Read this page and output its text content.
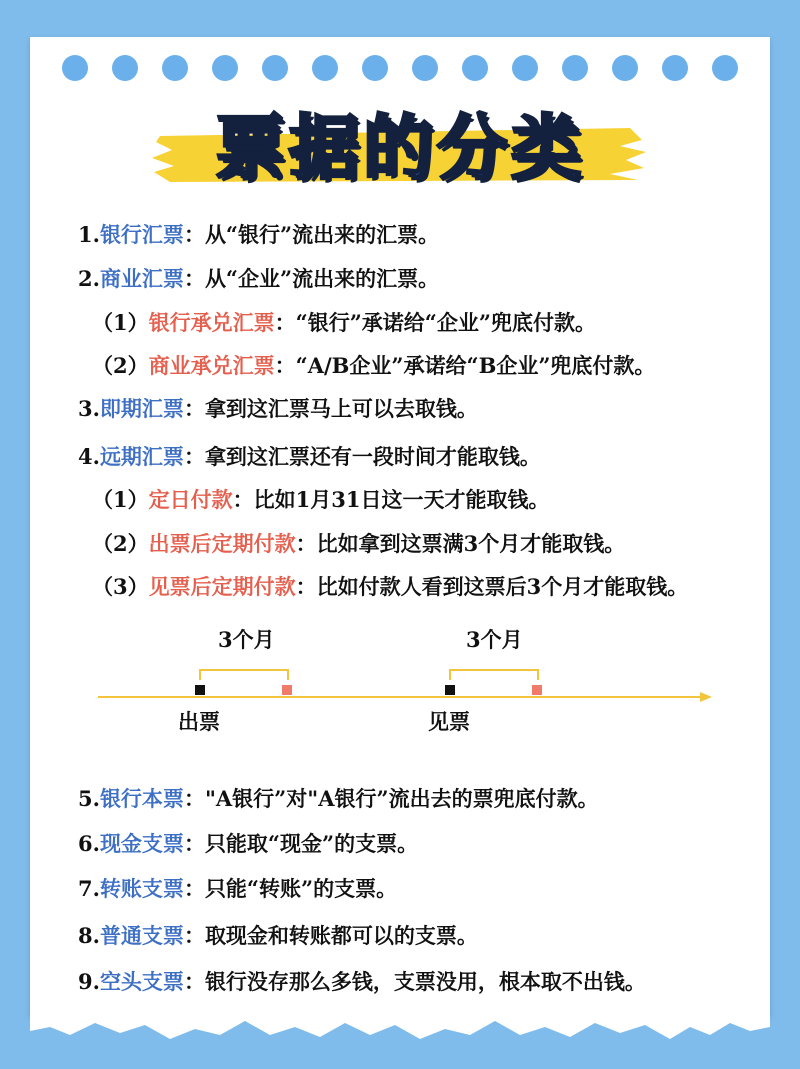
票据的分类
1.银行汇票：从“银行”流出来的汇票。
2.商业汇票：从“企业”流出来的汇票。
（1）银行承兑汇票：“银行”承诺给“企业”兜底付款。
（2）商业承兑汇票：“A/B企业”承诺给“B企业”兜底付款。
3.即期汇票：拿到这汇票马上可以去取钱。
4.远期汇票：拿到这汇票还有一段时间才能取钱。
（1）定日付款：比如1月31日这一天才能取钱。
（2）出票后定期付款：比如拿到这票满3个月才能取钱。
（3）见票后定期付款：比如付款人看到这票后3个月才能取钱。
5.银行本票："A银行”对"A银行”流出去的票兜底付款。
6.现金支票：只能取“现金”的支票。
7.转账支票：只能“转账”的支票。
8.普通支票：取现金和转账都可以的支票。
9.空头支票：银行没存那么多钱，支票没用，根本取不出钱。
3个月
出票
3个月
见票
